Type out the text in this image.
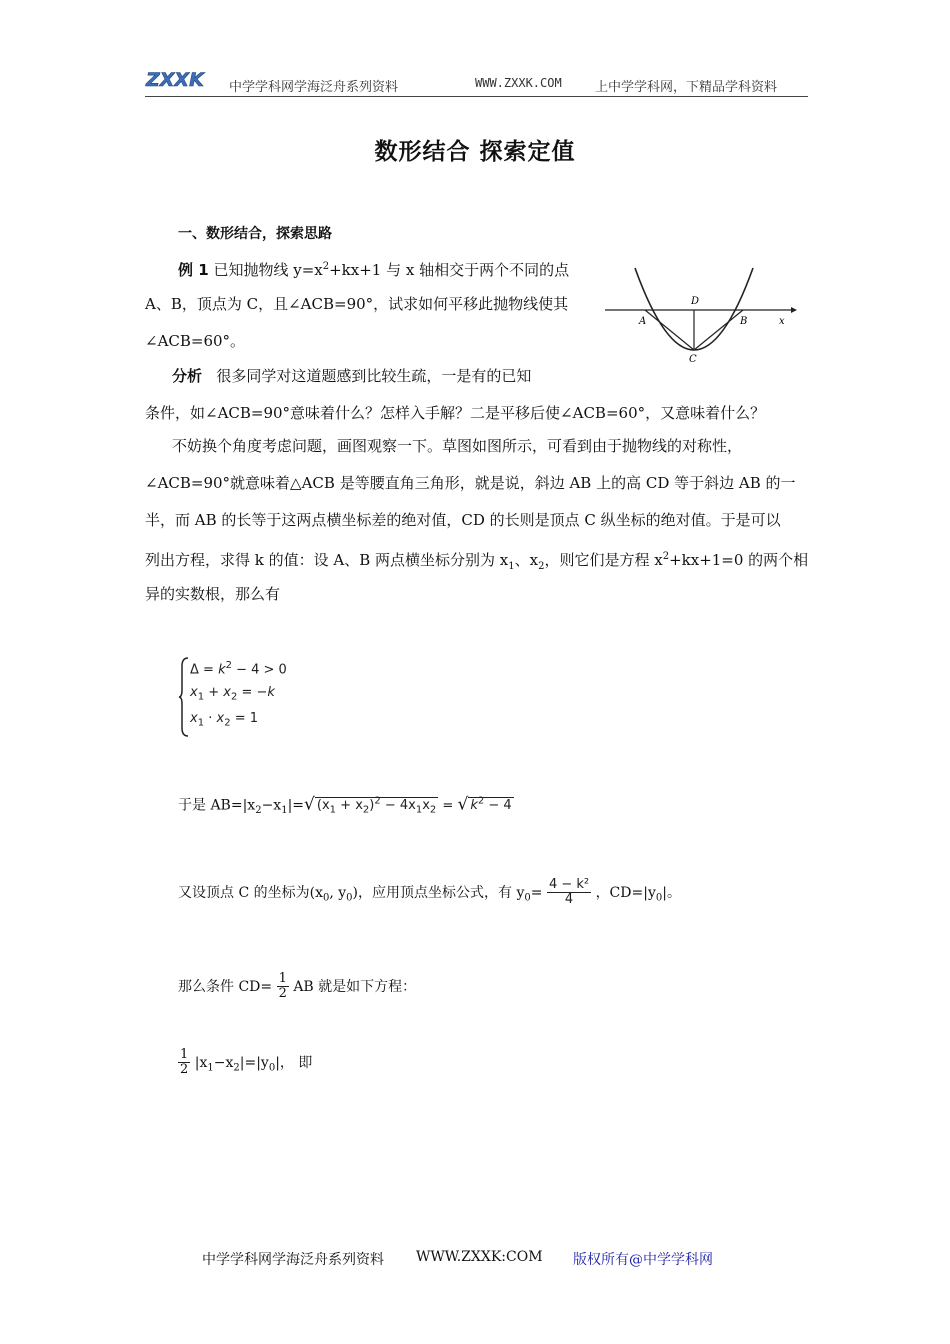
ZXXK 中学学科网学海泛舟系列资料	WWW.ZXXK.COM	上中学学科网，下精品学科资料
数形结合 探索定值
一、数形结合，探索思路
例 1 已知抛物线 $y=x^2+kx+1$ 与 x 轴相交于两个不同的点
A、B，顶点为 C，且∠ACB=90°，试求如何平移此抛物线使其
∠ACB=60°。
A	B
C
D
x
分析 很多同学对这道题感到比较生疏，一是有的已知
条件，如∠ACB=90°意味着什么？怎样入手解？二是平移后使∠ACB=60°，又意味着什么？
不妨换个角度考虑问题，画图观察一下。草图如图所示，可看到由于抛物线的对称性，
∠ACB=90°就意味着△ACB 是等腰直角三角形，就是说，斜边 AB 上的高 CD 等于斜边 AB 的一
半，而 AB 的长等于这两点横坐标差的绝对值，CD 的长则是顶点 C 纵坐标的绝对值。于是可以
列出方程，求得 k 的值：设 A、B 两点横坐标分别为 $x_1$、$x_2$，则它们是方程 $x^2+kx+1=0$ 的两个相
异的实数根，那么有
$\Delta = k^2 - 4 > 0$
$x_1 + x_2 = -k$
$x_1 \cdot x_2 = 1$
于是 $AB=|x_2-x_1|=√$ $(x_1 + x_2)^2 - 4x_1x_2$ = √ $k^2 - 4$
又设顶点 C 的坐标为($x_0$, $y_0$)，应用顶点坐标公式，有 $y_0= \frac{\text{4 − k²}}{4}$ ，$CD=|y_0|$。
那么条件 $CD= \frac{1}{2}$ AB 就是如下方程：
$\frac{1}{2} |x_1-x_2|=|y_0|$， 即
中学学科网学海泛舟系列资料 WWW.ZXXK:COM 版权所有@中学学科网
